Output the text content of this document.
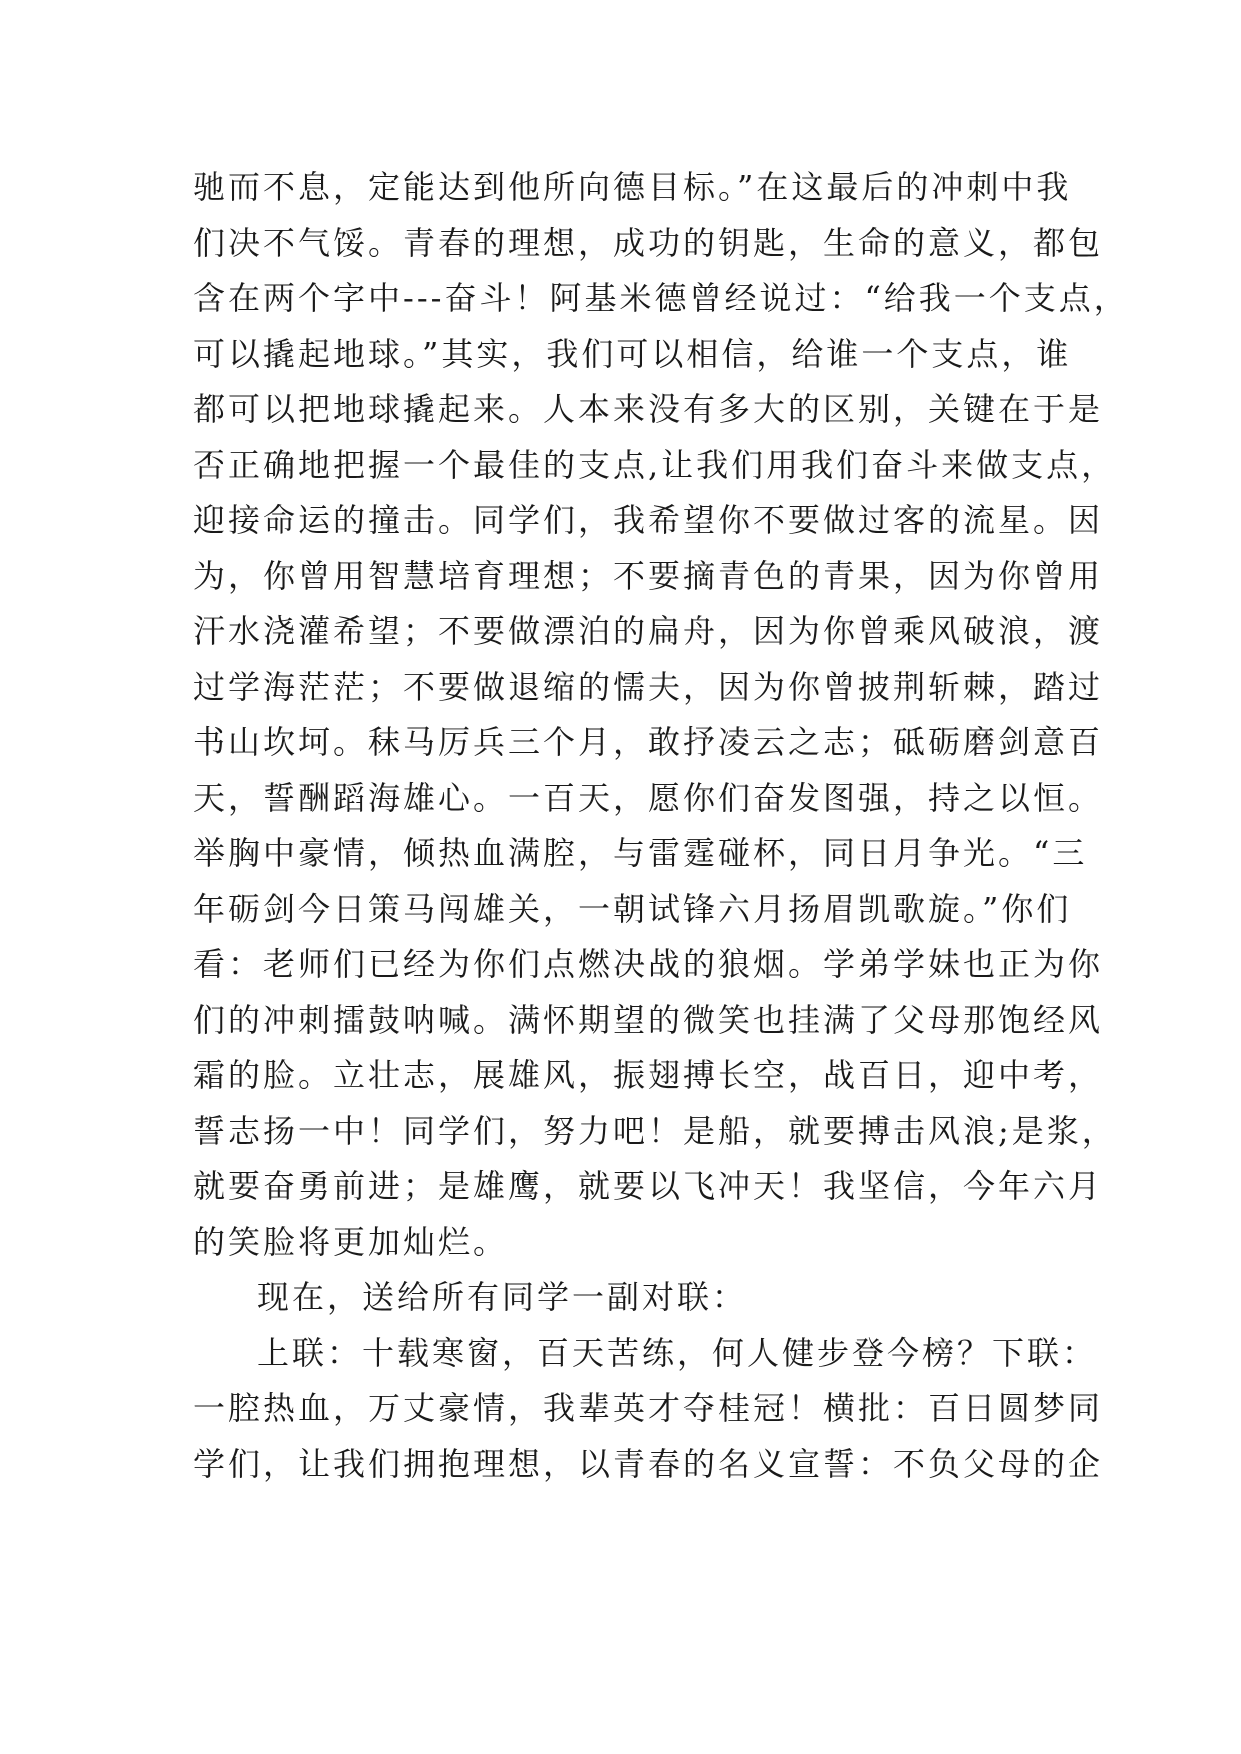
驰而不息，定能达到他所向德目标。”在这最后的冲刺中我
们决不气馁。青春的理想，成功的钥匙，生命的意义，都包
含在两个字中---奋斗！阿基米德曾经说过：“给我一个支点，
可以撬起地球。”其实，我们可以相信，给谁一个支点，谁
都可以把地球撬起来。人本来没有多大的区别，关键在于是
否正确地把握一个最佳的支点,让我们用我们奋斗来做支点，
迎接命运的撞击。同学们，我希望你不要做过客的流星。因
为，你曾用智慧培育理想；不要摘青色的青果，因为你曾用
汗水浇灌希望；不要做漂泊的扁舟，因为你曾乘风破浪，渡
过学海茫茫；不要做退缩的懦夫，因为你曾披荆斩棘，踏过
书山坎坷。秣马厉兵三个月，敢抒凌云之志；砥砺磨剑意百
天，誓酬蹈海雄心。一百天，愿你们奋发图强，持之以恒。
举胸中豪情，倾热血满腔，与雷霆碰杯，同日月争光。“三
年砺剑今日策马闯雄关，一朝试锋六月扬眉凯歌旋。”你们
看：老师们已经为你们点燃决战的狼烟。学弟学妹也正为你
们的冲刺擂鼓呐喊。满怀期望的微笑也挂满了父母那饱经风
霜的脸。立壮志，展雄风，振翅搏长空，战百日，迎中考，
誓志扬一中！同学们，努力吧！是船，就要搏击风浪;是浆，
就要奋勇前进；是雄鹰，就要以飞冲天！我坚信，今年六月
的笑脸将更加灿烂。
现在，送给所有同学一副对联：
上联：十载寒窗，百天苦练，何人健步登今榜？下联：
一腔热血，万丈豪情，我辈英才夺桂冠！横批：百日圆梦同
学们，让我们拥抱理想，以青春的名义宣誓：不负父母的企
